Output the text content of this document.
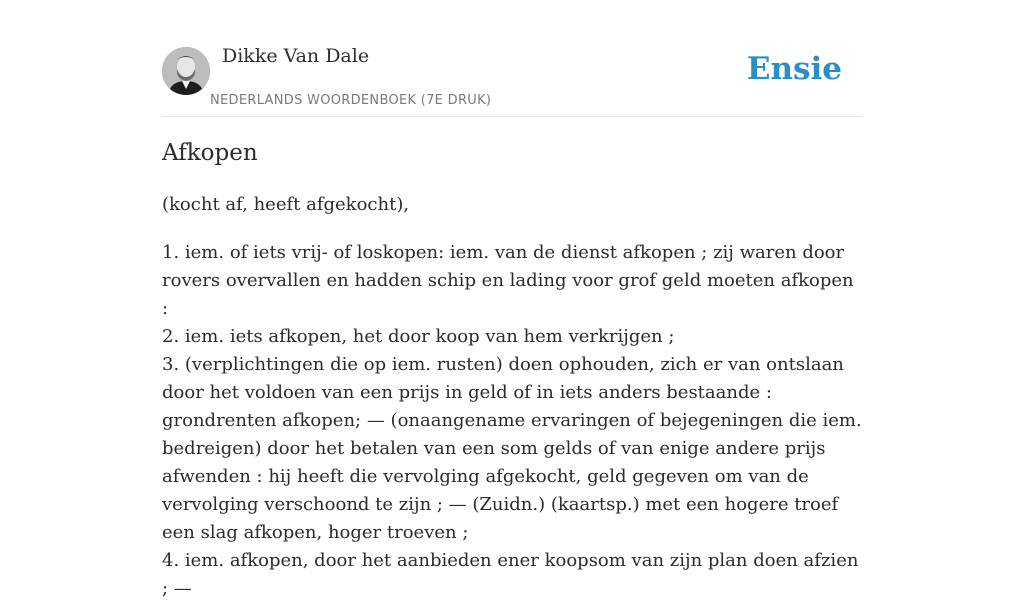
Dikke Van Dale
NEDERLANDS WOORDENBOEK (7E DRUK)
Ensie
Afkopen

(kocht af, heeft afgekocht),

1. iem. of iets vrij- of loskopen: iem. van de dienst afkopen ; zij waren door rovers overvallen en hadden schip en lading voor grof geld moeten afkopen :
2. iem. iets afkopen, het door koop van hem verkrijgen ;
3. (verplichtingen die op iem. rusten) doen ophouden, zich er van ontslaan door het voldoen van een prijs in geld of in iets anders bestaande : grondrenten afkopen; — (onaangename ervaringen of bejegeningen die iem. bedreigen) door het betalen van een som gelds of van enige andere prijs afwenden : hij heeft die vervolging afgekocht, geld gegeven om van de vervolging verschoond te zijn ; — (Zuidn.) (kaartsp.) met een hogere troef een slag afkopen, hoger troeven ;
4. iem. afkopen, door het aanbieden ener koopsom van zijn plan doen afzien ; —
